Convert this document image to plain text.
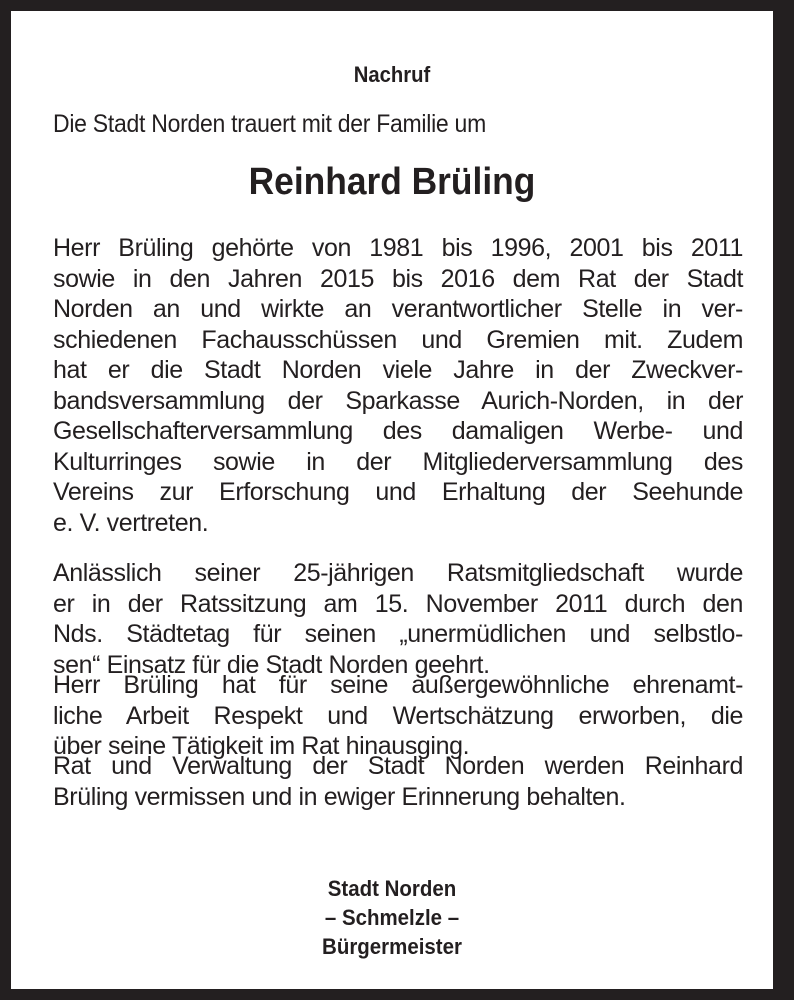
Nachruf
Die Stadt Norden trauert mit der Familie um
Reinhard Brüling
Herr Brüling gehörte von 1981 bis 1996, 2001 bis 2011
sowie in den Jahren 2015 bis 2016 dem Rat der Stadt
Norden an und wirkte an verantwortlicher Stelle in ver-
schiedenen Fachausschüssen und Gremien mit. Zudem
hat er die Stadt Norden viele Jahre in der Zweckver-
bandsversammlung der Sparkasse Aurich-Norden, in der
Gesellschafterversammlung des damaligen Werbe- und
Kulturringes sowie in der Mitgliederversammlung des
Vereins zur Erforschung und Erhaltung der Seehunde
e. V. vertreten.
Anlässlich seiner 25-jährigen Ratsmitgliedschaft wurde
er in der Ratssitzung am 15. November 2011 durch den
Nds. Städtetag für seinen „unermüdlichen und selbstlo-
sen“ Einsatz für die Stadt Norden geehrt.
Herr Brüling hat für seine außergewöhnliche ehrenamt-
liche Arbeit Respekt und Wertschätzung erworben, die
über seine Tätigkeit im Rat hinausging.
Rat und Verwaltung der Stadt Norden werden Reinhard
Brüling vermissen und in ewiger Erinnerung behalten.
Stadt Norden
– Schmelzle –
Bürgermeister
